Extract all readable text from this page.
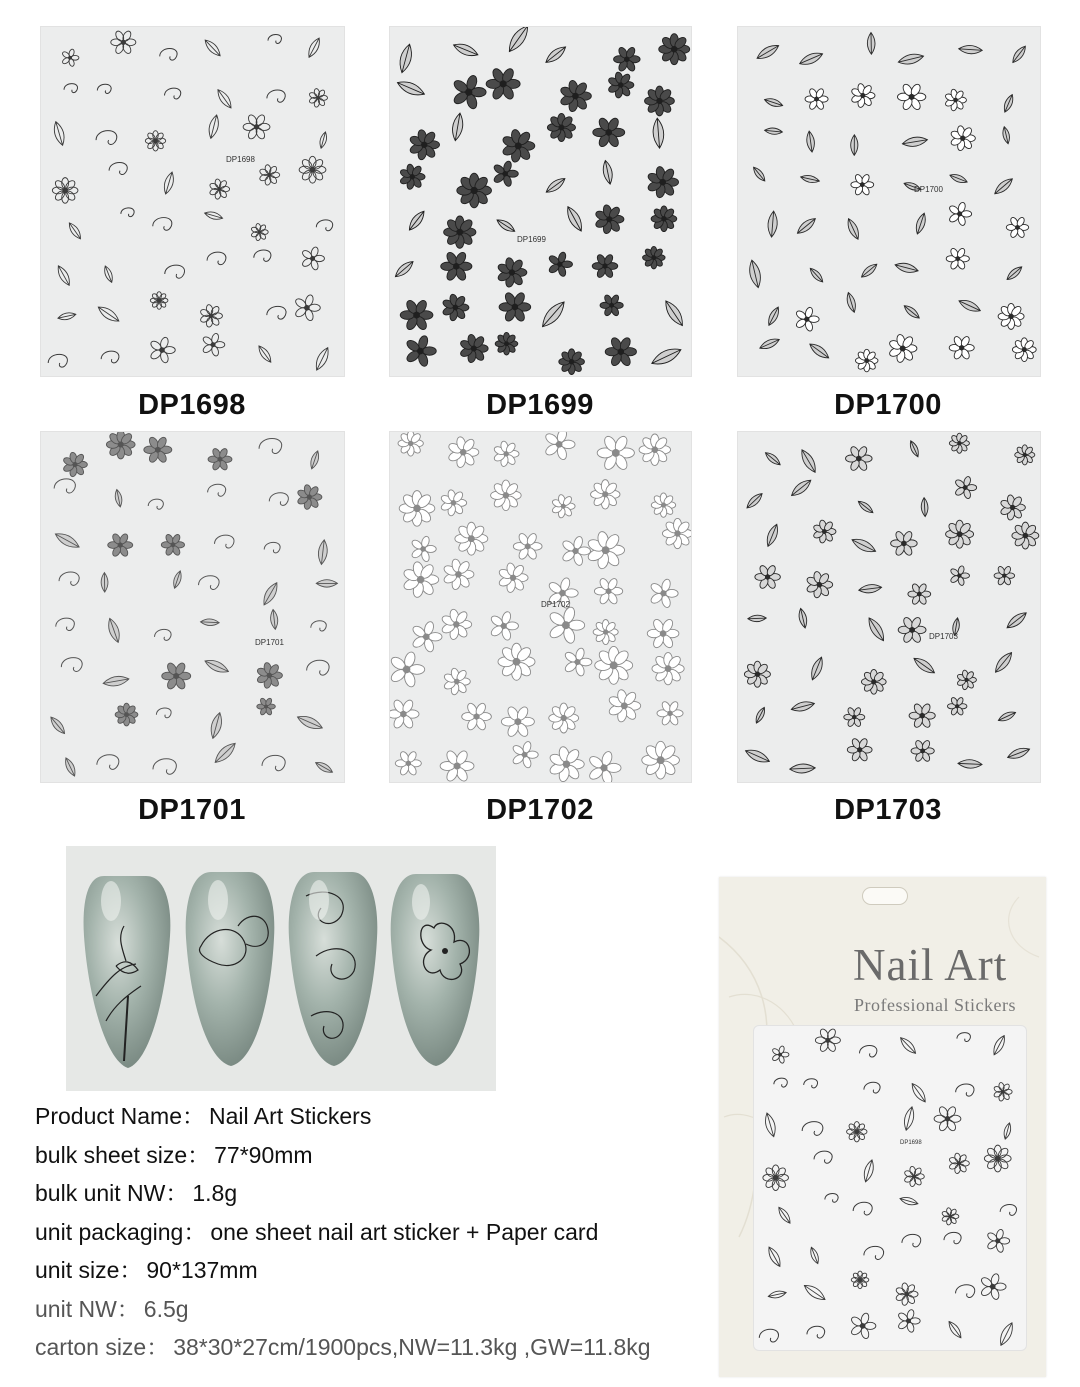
DP1698
DP1699
DP1700
DP1698	DP1699	DP1700
DP1701
DP1702
DP1703
DP1701	DP1702	DP1703
Product Name： Nail Art Stickers
bulk sheet size： 77*90mm
bulk unit NW： 1.8g
unit packaging： one sheet nail art sticker + Paper card
unit size： 90*137mm
unit NW： 6.5g
carton size： 38*30*27cm/1900pcs,NW=11.3kg ,GW=11.8kg
Nail Art
Professional Stickers
DP1698
